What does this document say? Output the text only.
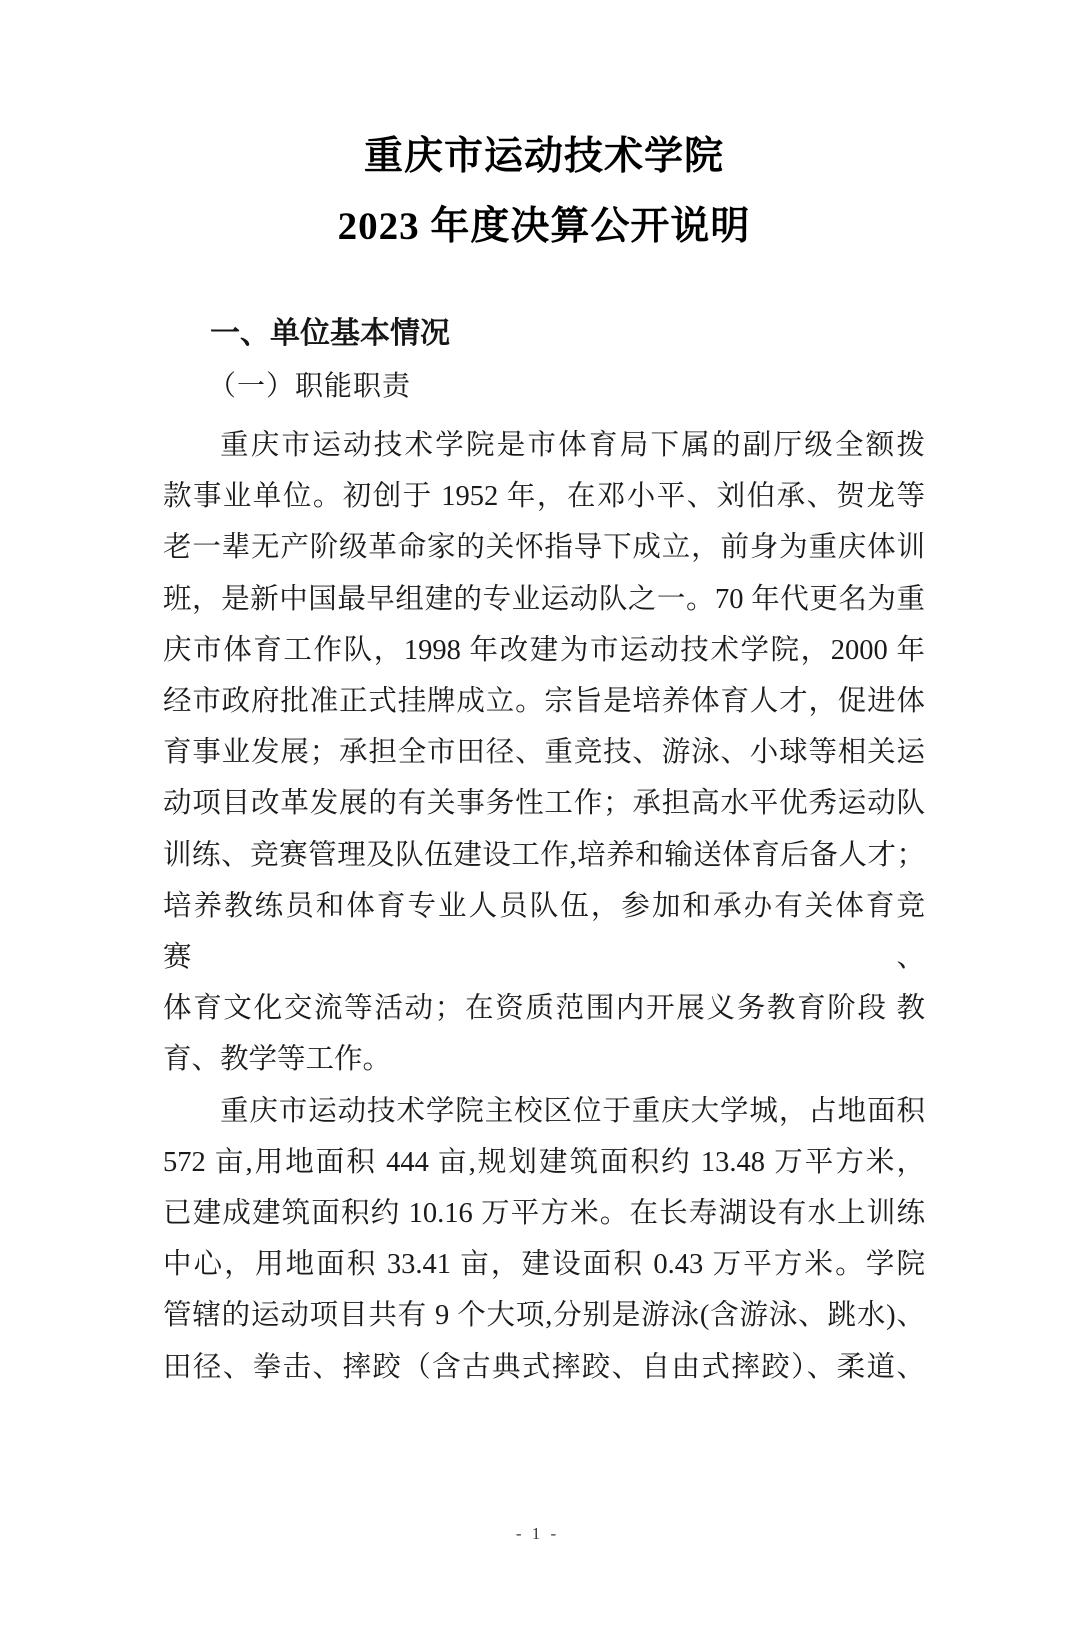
重庆市运动技术学院
2023 年度决算公开说明
一、单位基本情况
（一）职能职责
重庆市运动技术学院是市体育局下属的副厅级全额拨
款事业单位。初创于 1952 年，在邓小平、刘伯承、贺龙等
老一辈无产阶级革命家的关怀指导下成立，前身为重庆体训
班，是新中国最早组建的专业运动队之一。70 年代更名为重
庆市体育工作队，1998 年改建为市运动技术学院，2000 年
经市政府批准正式挂牌成立。宗旨是培养体育人才，促进体
育事业发展；承担全市田径、重竞技、游泳、小球等相关运
动项目改革发展的有关事务性工作；承担高水平优秀运动队
训练、竞赛管理及队伍建设工作,培养和输送体育后备人才；
培养教练员和体育专业人员队伍，参加和承办有关体育竞赛、
体育文化交流等活动；在资质范围内开展义务教育阶段 教
育、教学等工作。
重庆市运动技术学院主校区位于重庆大学城，占地面积
572 亩,用地面积 444 亩,规划建筑面积约 13.48 万平方米，
已建成建筑面积约 10.16 万平方米。在长寿湖设有水上训练
中心，用地面积 33.41 亩，建设面积 0.43 万平方米。学院
管辖的运动项目共有 9 个大项,分别是游泳(含游泳、跳水)、
田径、拳击、摔跤（含古典式摔跤、自由式摔跤）、柔道、
- 1 -
